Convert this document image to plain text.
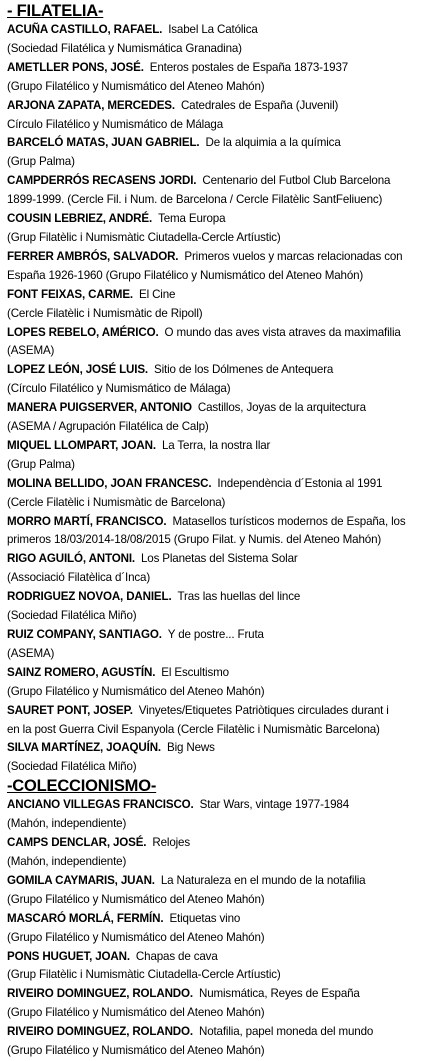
- FILATELIA-
ACUÑA CASTILLO, RAFAEL. Isabel La Católica
(Sociedad Filatélica y Numismática Granadina)
AMETLLER PONS, JOSÉ. Enteros postales de España 1873-1937
(Grupo Filatélico y Numismático del Ateneo Mahón)
ARJONA ZAPATA, MERCEDES. Catedrales de España (Juvenil)
Círculo Filatélico y Numismático de Málaga
BARCELÓ MATAS, JUAN GABRIEL. De la alquimia a la química
(Grup Palma)
CAMPDERRÓS RECASENS JORDI. Centenario del Futbol Club Barcelona
1899-1999. (Cercle Fil. i Num. de Barcelona / Cercle Filatèlic SantFeliuenc)
COUSIN LEBRIEZ, ANDRÉ. Tema Europa
(Grup Filatèlic i Numismàtic Ciutadella-Cercle Artíustic)
FERRER AMBRÓS, SALVADOR. Primeros vuelos y marcas relacionadas con
España 1926-1960 (Grupo Filatélico y Numismático del Ateneo Mahón)
FONT FEIXAS, CARME. El Cine
(Cercle Filatèlic i Numismàtic de Ripoll)
LOPES REBELO, AMÉRICO. O mundo das aves vista atraves da maximafilia
(ASEMA)
LOPEZ LEÓN, JOSÉ LUIS. Sitio de los Dólmenes de Antequera
(Círculo Filatélico y Numismático de Málaga)
MANERA PUIGSERVER, ANTONIO Castillos, Joyas de la arquitectura
(ASEMA / Agrupación Filatélica de Calp)
MIQUEL LLOMPART, JOAN. La Terra, la nostra llar
(Grup Palma)
MOLINA BELLIDO, JOAN FRANCESC. Independència d´Estonia al 1991
(Cercle Filatèlic i Numismàtic de Barcelona)
MORRO MARTÍ, FRANCISCO. Matasellos turísticos modernos de España, los
primeros 18/03/2014-18/08/2015 (Grupo Filat. y Numis. del Ateneo Mahón)
RIGO AGUILÓ, ANTONI. Los Planetas del Sistema Solar
(Associació Filatèlica d´Inca)
RODRIGUEZ NOVOA, DANIEL. Tras las huellas del lince
(Sociedad Filatélica Miño)
RUIZ COMPANY, SANTIAGO. Y de postre... Fruta
(ASEMA)
SAINZ ROMERO, AGUSTÍN. El Escultismo
(Grupo Filatélico y Numismático del Ateneo Mahón)
SAURET PONT, JOSEP. Vinyetes/Etiquetes Patriòtiques circulades durant i
en la post Guerra Civil Espanyola (Cercle Filatèlic i Numismàtic Barcelona)
SILVA MARTÍNEZ, JOAQUÍN. Big News
(Sociedad Filatélica Miño)
-COLECCIONISMO-
ANCIANO VILLEGAS FRANCISCO. Star Wars, vintage 1977-1984
(Mahón, independiente)
CAMPS DENCLAR, JOSÉ. Relojes
(Mahón, independiente)
GOMILA CAYMARIS, JUAN. La Naturaleza en el mundo de la notafilia
(Grupo Filatélico y Numismático del Ateneo Mahón)
MASCARÓ MORLÁ, FERMÍN. Etiquetas vino
(Grupo Filatélico y Numismático del Ateneo Mahón)
PONS HUGUET, JOAN. Chapas de cava
(Grup Filatèlic i Numismàtic Ciutadella-Cercle Artíustic)
RIVEIRO DOMINGUEZ, ROLANDO. Numismática, Reyes de España
(Grupo Filatélico y Numismático del Ateneo Mahón)
RIVEIRO DOMINGUEZ, ROLANDO. Notafilia, papel moneda del mundo
(Grupo Filatélico y Numismático del Ateneo Mahón)
